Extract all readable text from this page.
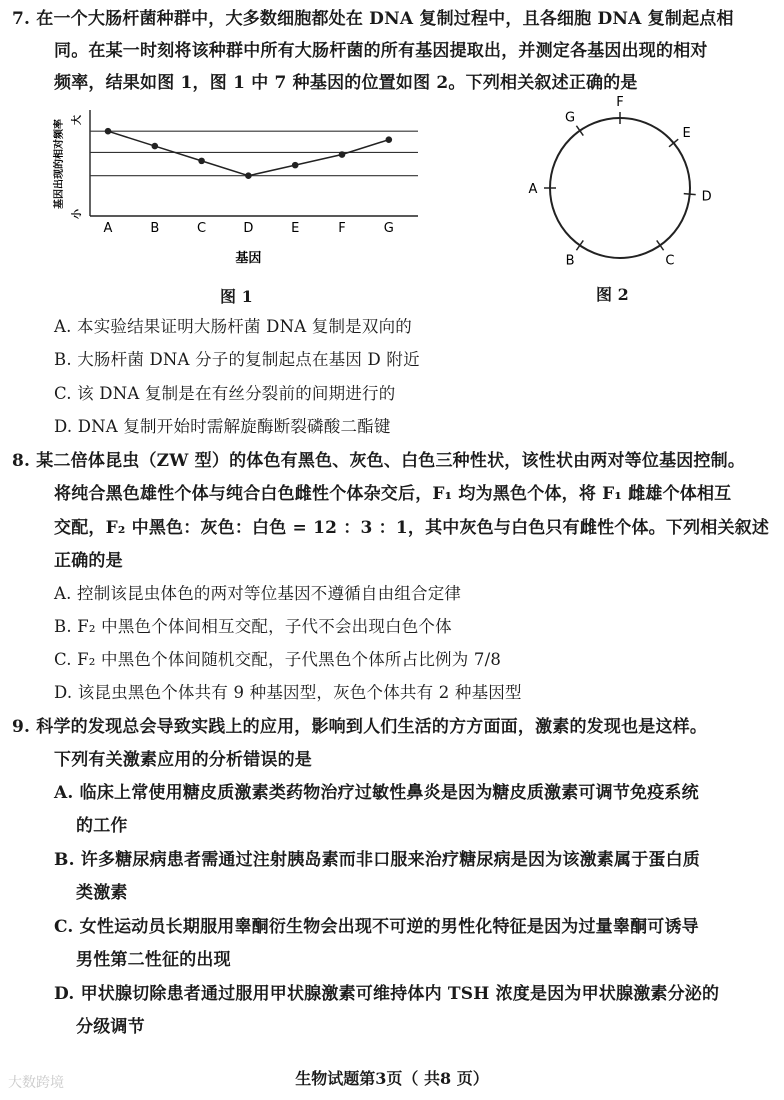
7. 在一个大肠杆菌种群中，大多数细胞都处在 DNA 复制过程中，且各细胞 DNA 复制起点相
同。在某一时刻将该种群中所有大肠杆菌的所有基因提取出，并测定各基因出现的相对
频率，结果如图 1，图 1 中 7 种基因的位置如图 2。下列相关叙述正确的是
基因出现的相对频率 大
小
A	B	C	D	E	F	G
基因
图 1
F
E
D
C
B
A
G
图 2
A. 本实验结果证明大肠杆菌 DNA 复制是双向的
B. 大肠杆菌 DNA 分子的复制起点在基因 D 附近
C. 该 DNA 复制是在有丝分裂前的间期进行的
D. DNA 复制开始时需解旋酶断裂磷酸二酯键
8. 某二倍体昆虫（ZW 型）的体色有黑色、灰色、白色三种性状，该性状由两对等位基因控制。
将纯合黑色雄性个体与纯合白色雌性个体杂交后，F₁ 均为黑色个体，将 F₁ 雌雄个体相互
交配，F₂ 中黑色：灰色：白色 = 12 ：3 ：1，其中灰色与白色只有雌性个体。下列相关叙述
正确的是
A. 控制该昆虫体色的两对等位基因不遵循自由组合定律
B. F₂ 中黑色个体间相互交配，子代不会出现白色个体
C. F₂ 中黑色个体间随机交配，子代黑色个体所占比例为 7/8
D. 该昆虫黑色个体共有 9 种基因型，灰色个体共有 2 种基因型
9. 科学的发现总会导致实践上的应用，影响到人们生活的方方面面，激素的发现也是这样。
下列有关激素应用的分析错误的是
A. 临床上常使用糖皮质激素类药物治疗过敏性鼻炎是因为糖皮质激素可调节免疫系统
的工作
B. 许多糖尿病患者需通过注射胰岛素而非口服来治疗糖尿病是因为该激素属于蛋白质
类激素
C. 女性运动员长期服用睾酮衍生物会出现不可逆的男性化特征是因为过量睾酮可诱导
男性第二性征的出现
D. 甲状腺切除患者通过服用甲状腺激素可维持体内 TSH 浓度是因为甲状腺激素分泌的
分级调节
生物试题第3页（ 共8 页）
大数跨境
